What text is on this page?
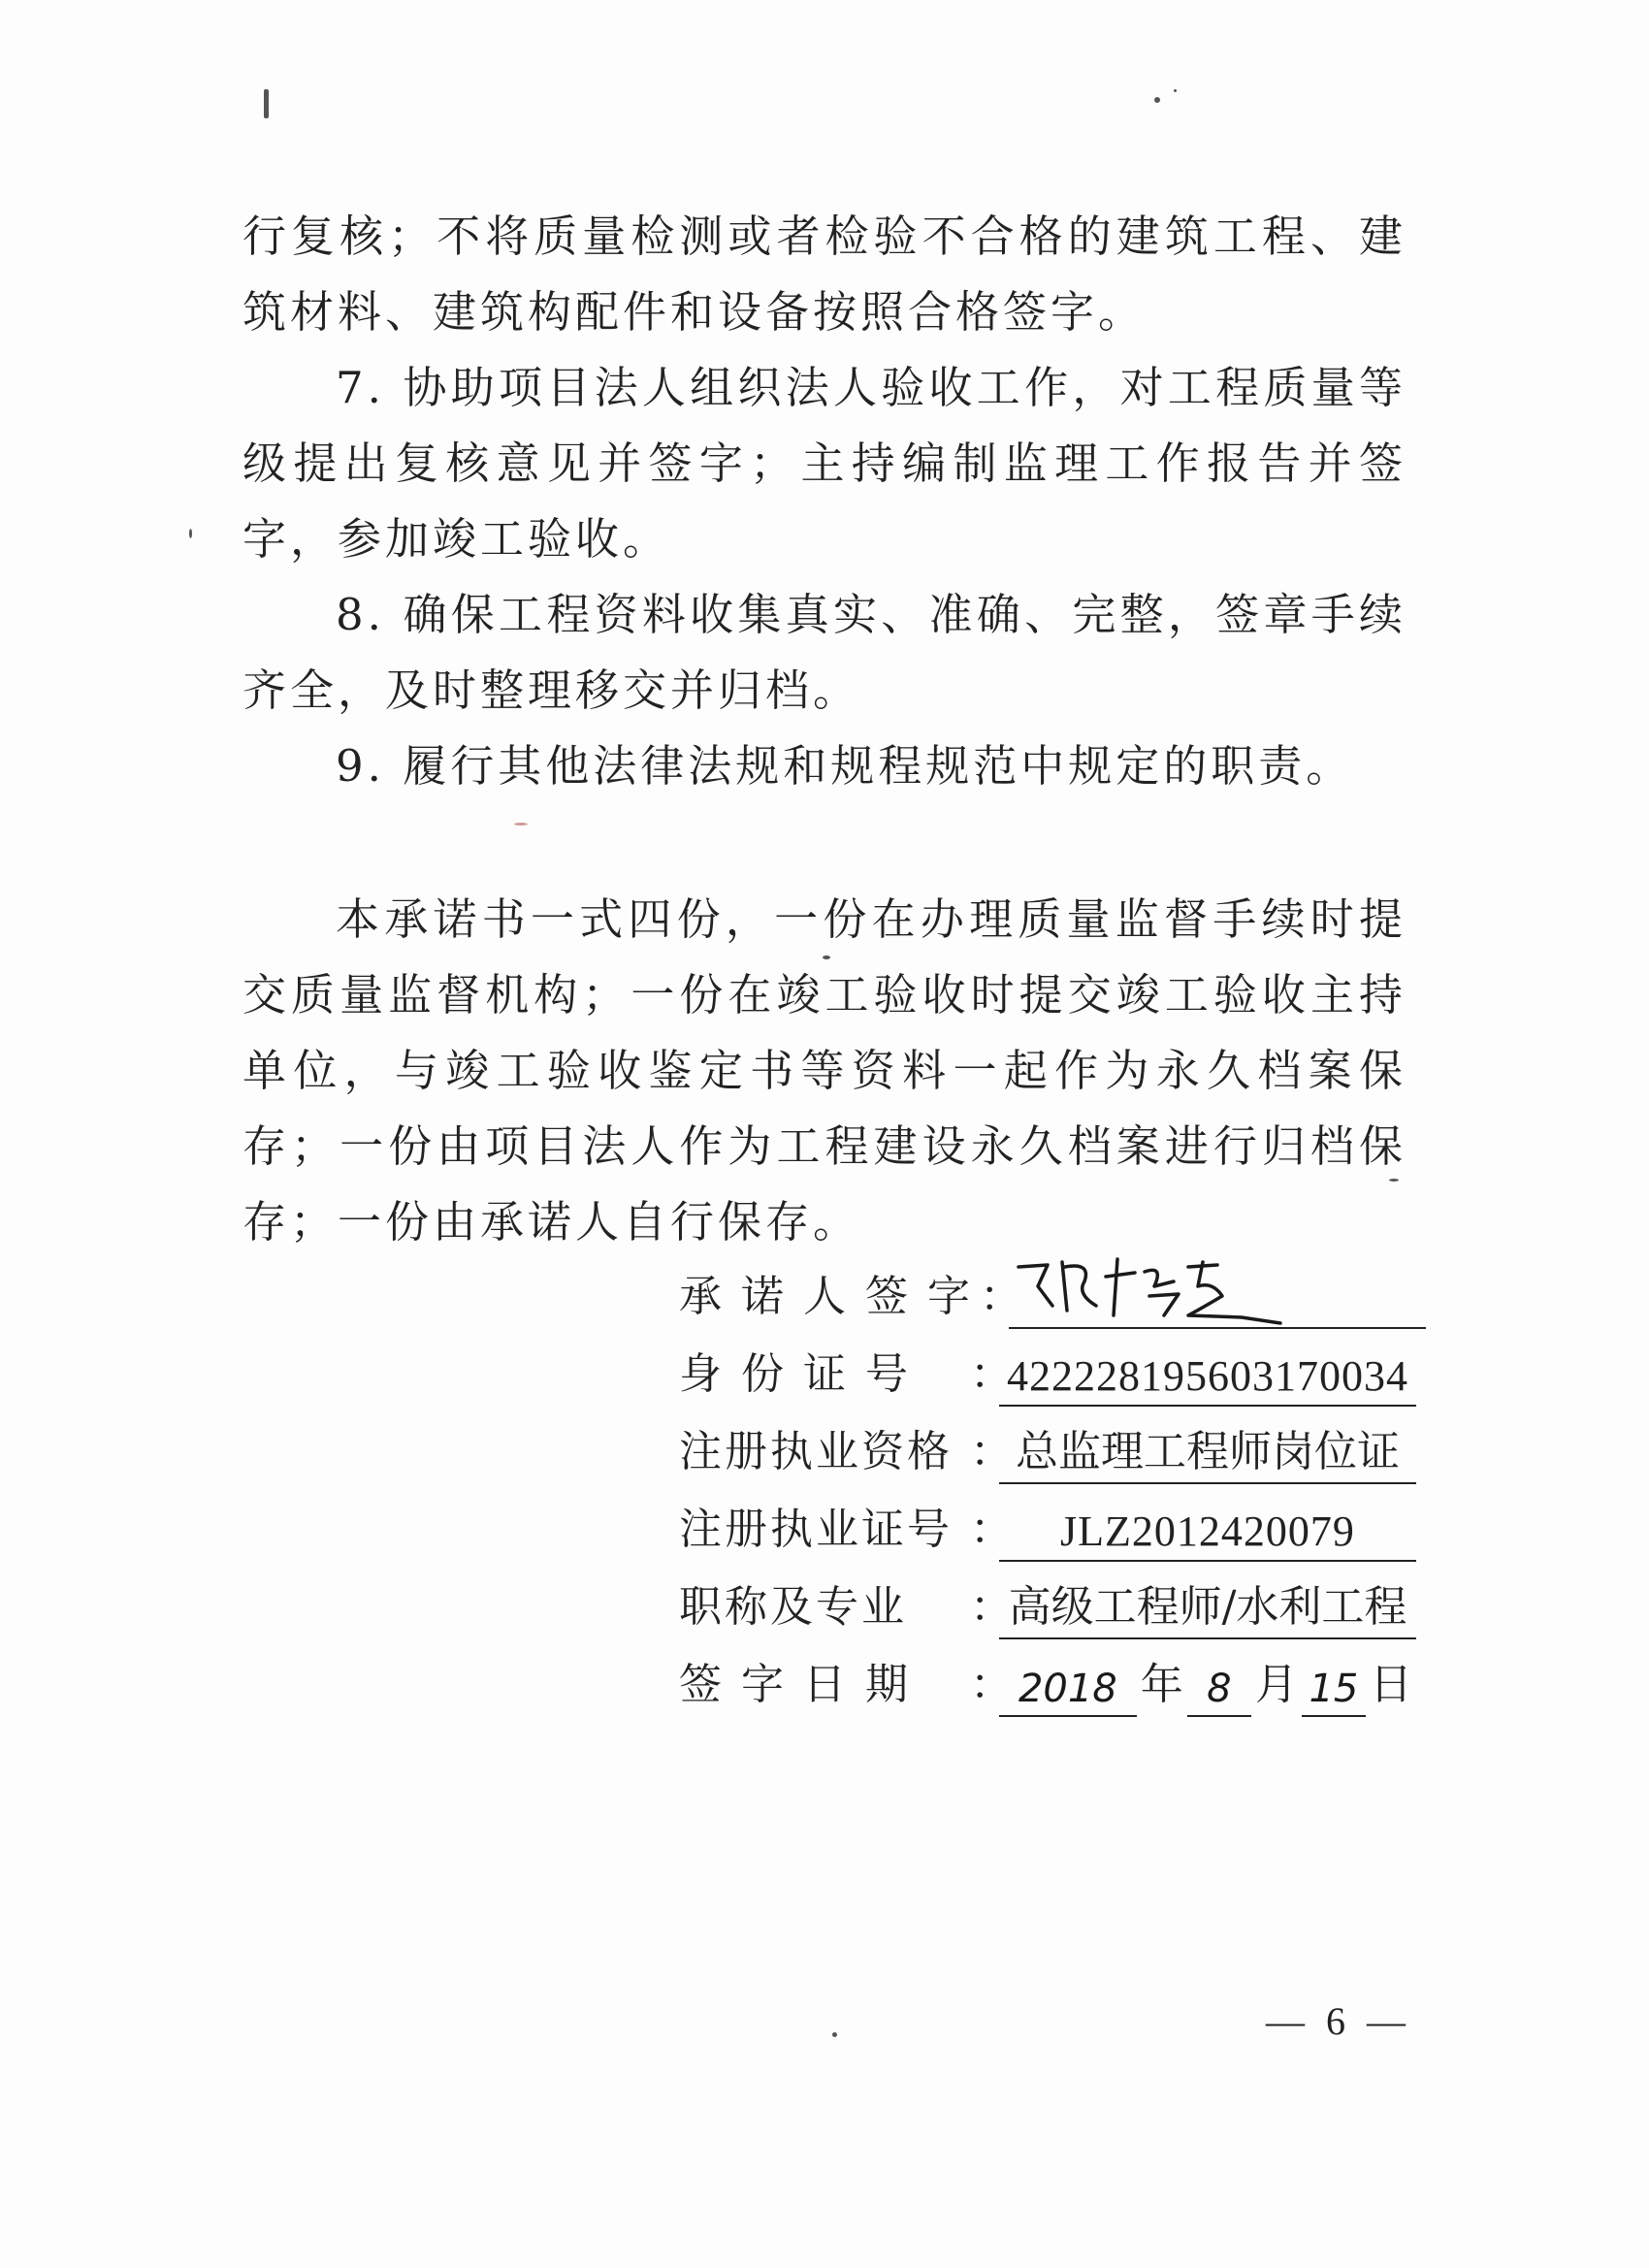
行复核；不将质量检测或者检验不合格的建筑工程、建筑材料、建筑构配件和设备按照合格签字。

7. 协助项目法人组织法人验收工作，对工程质量等级提出复核意见并签字；主持编制监理工作报告并签字，参加竣工验收。

8. 确保工程资料收集真实、准确、完整，签章手续齐全，及时整理移交并归档。

9. 履行其他法律法规和规程规范中规定的职责。

本承诺书一式四份，一份在办理质量监督手续时提交质量监督机构；一份在竣工验收时提交竣工验收主持单位，与竣工验收鉴定书等资料一起作为永久档案保存；一份由项目法人作为工程建设永久档案进行归档保存；一份由承诺人自行保存。

承诺人签字
：
身份证号	：
422228195603170034
注册执业资格 ： 总监理工程师岗位证
注册执业证号 ：	JLZ2012420079
职称及专业	：
高级工程师/水利工程
签字日期	： 2018 年 8 月 15 日
— 6 —
